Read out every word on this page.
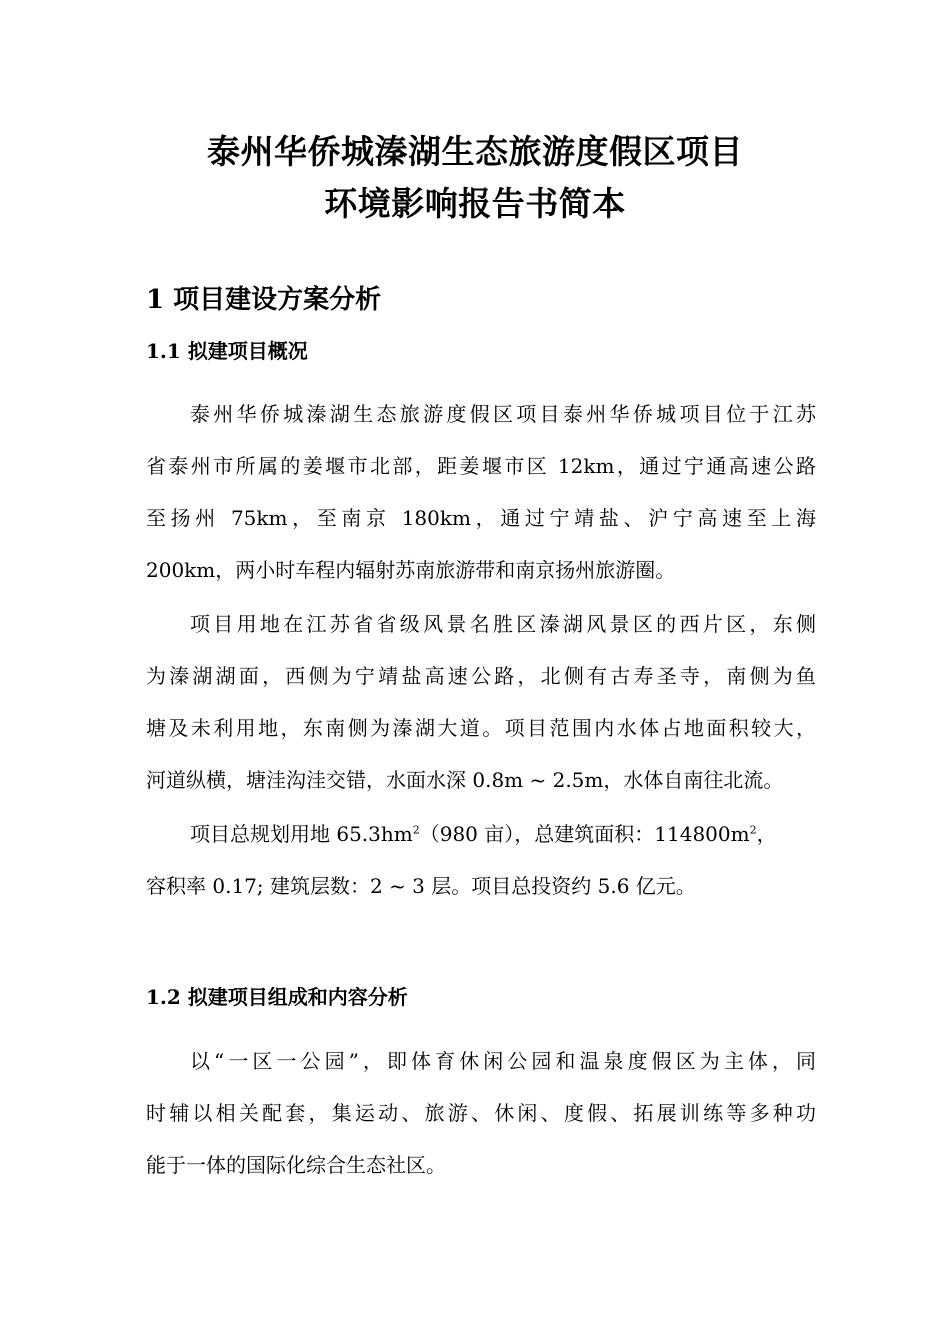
泰州华侨城溱湖生态旅游度假区项目
环境影响报告书简本
1 项目建设方案分析
1.1 拟建项目概况
泰州华侨城溱湖生态旅游度假区项目泰州华侨城项目位于江苏
省泰州市所属的姜堰市北部，距姜堰市区 12km，通过宁通高速公路
至扬州 75km，至南京 180km，通过宁靖盐、沪宁高速至上海
200km，两小时车程内辐射苏南旅游带和南京扬州旅游圈。
项目用地在江苏省省级风景名胜区溱湖风景区的西片区，东侧
为溱湖湖面，西侧为宁靖盐高速公路，北侧有古寿圣寺，南侧为鱼
塘及未利用地，东南侧为溱湖大道。项目范围内水体占地面积较大，
河道纵横，塘洼沟洼交错，水面水深 0.8m ~ 2.5m，水体自南往北流。
项目总规划用地 $65.3hm^2(980$ 亩），总建筑面积：$114800m^2$，
容积率 0.17; 建筑层数：2 ~ 3 层。项目总投资约 5.6 亿元。
1.2 拟建项目组成和内容分析
以“一区一公园”，即体育休闲公园和温泉度假区为主体，同
时辅以相关配套，集运动、旅游、休闲、度假、拓展训练等多种功
能于一体的国际化综合生态社区。
